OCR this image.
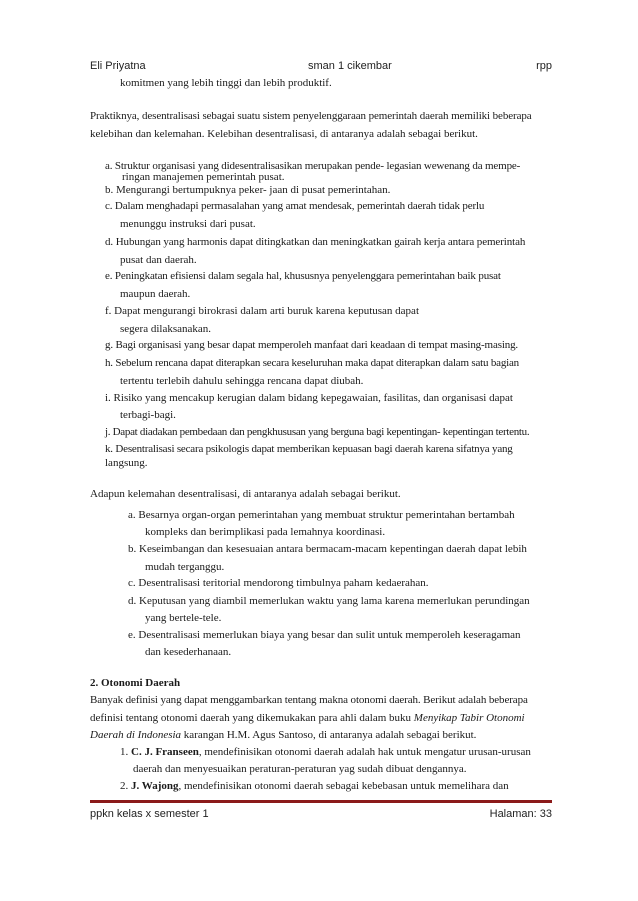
Eli Priyatna	sman 1 cikembar	rpp
komitmen yang lebih tinggi dan lebih produktif.
Praktiknya, desentralisasi sebagai suatu sistem penyelenggaraan pemerintah daerah memiliki beberapa
kelebihan dan kelemahan. Kelebihan desentralisasi, di antaranya adalah sebagai berikut.
a. Struktur organisasi yang didesentralisasikan merupakan pende- legasian wewenang da mempe-
ringan manajemen pemerintah pusat.
b. Mengurangi bertumpuknya peker- jaan di pusat pemerintahan.
c. Dalam menghadapi permasalahan yang amat mendesak, pemerintah daerah tidak perlu
menunggu instruksi dari pusat.
d. Hubungan yang harmonis dapat ditingkatkan dan meningkatkan gairah kerja antara pemerintah
pusat dan daerah.
e. Peningkatan efisiensi dalam segala hal, khususnya penyelenggara pemerintahan baik pusat
maupun daerah.
f. Dapat mengurangi birokrasi dalam arti buruk karena keputusan dapat
segera dilaksanakan.
g. Bagi organisasi yang besar dapat memperoleh manfaat dari keadaan di tempat masing-masing.
h. Sebelum rencana dapat diterapkan secara keseluruhan maka dapat diterapkan dalam satu bagian
tertentu terlebih dahulu sehingga rencana dapat diubah.
i. Risiko yang mencakup kerugian dalam bidang kepegawaian, fasilitas, dan organisasi dapat
terbagi-bagi.
j. Dapat diadakan pembedaan dan pengkhususan yang berguna bagi kepentingan- kepentingan tertentu.
k. Desentralisasi secara psikologis dapat memberikan kepuasan bagi daerah karena sifatnya yang
langsung.
Adapun kelemahan desentralisasi, di antaranya adalah sebagai berikut.
a. Besarnya organ-organ pemerintahan yang membuat struktur pemerintahan bertambah
kompleks dan berimplikasi pada lemahnya koordinasi.
b. Keseimbangan dan kesesuaian antara bermacam-macam kepentingan daerah dapat lebih
mudah terganggu.
c. Desentralisasi teritorial mendorong timbulnya paham kedaerahan.
d. Keputusan yang diambil memerlukan waktu yang lama karena memerlukan perundingan
yang bertele-tele.
e. Desentralisasi memerlukan biaya yang besar dan sulit untuk memperoleh keseragaman
dan kesederhanaan.
2. Otonomi Daerah
Banyak definisi yang dapat menggambarkan tentang makna otonomi daerah. Berikut adalah beberapa
definisi tentang otonomi daerah yang dikemukakan para ahli dalam buku Menyikap Tabir Otonomi
Daerah di Indonesia karangan H.M. Agus Santoso, di antaranya adalah sebagai berikut.
1. C. J. Franseen, mendefinisikan otonomi daerah adalah hak untuk mengatur urusan-urusan
daerah dan menyesuaikan peraturan-peraturan yag sudah dibuat dengannya.
2. J. Wajong, mendefinisikan otonomi daerah sebagai kebebasan untuk memelihara dan
ppkn kelas x semester 1	Halaman: 33
